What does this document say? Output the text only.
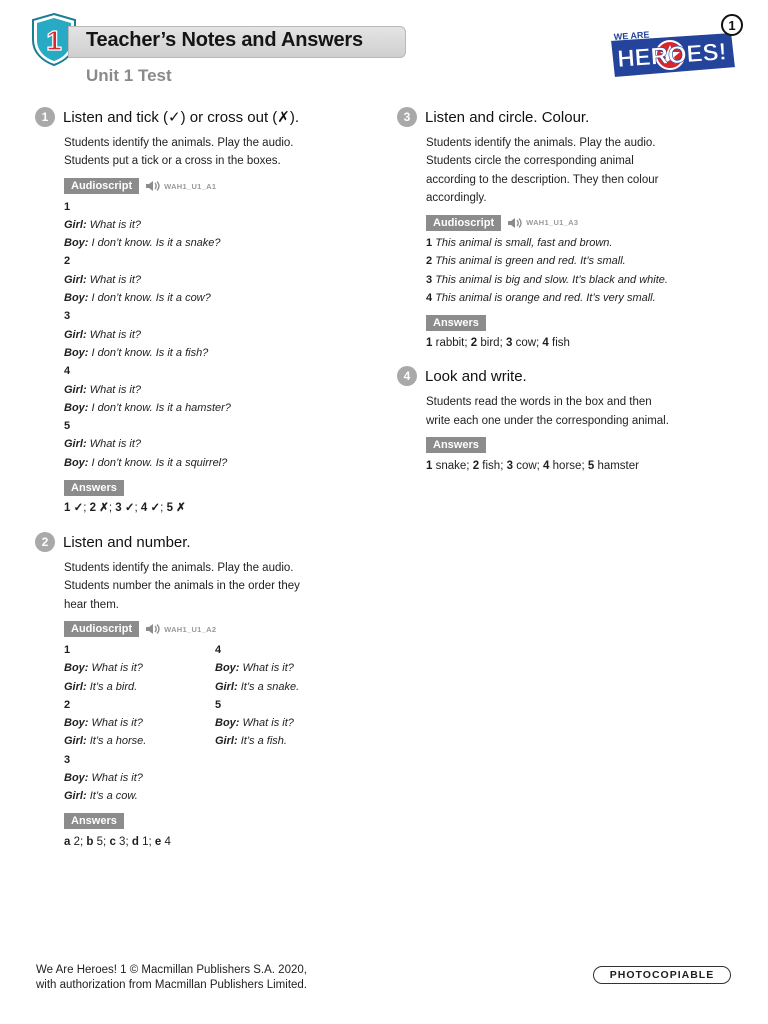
1 Teacher’s Notes and Answers
Unit 1 Test
WE ARE
HEROES!
1
1 Listen and tick (✓) or cross out (✗).
Students identify the animals. Play the audio.
Students put a tick or a cross in the boxes.
Audioscript	WAH1_U1_A1
1
Girl: What is it?
Boy: I don’t know. Is it a snake?
2
Girl: What is it?
Boy: I don’t know. Is it a cow?
3
Girl: What is it?
Boy: I don’t know. Is it a fish?
4
Girl: What is it?
Boy: I don’t know. Is it a hamster?
5
Girl: What is it?
Boy: I don’t know. Is it a squirrel?
Answers
1 ✓; 2 ✗; 3 ✓; 4 ✓; 5 ✗
2 Listen and number.
Students identify the animals. Play the audio.
Students number the animals in the order they
hear them.
Audioscript	WAH1_U1_A2
1
Boy: What is it?
Girl: It’s a bird.
2
Boy: What is it?
Girl: It’s a horse.
3
Boy: What is it?
Girl: It’s a cow.
4
Boy: What is it?
Girl: It’s a snake.
5
Boy: What is it?
Girl: It’s a fish.
Answers
a 2; b 5; c 3; d 1; e 4
3 Listen and circle. Colour.
Students identify the animals. Play the audio.
Students circle the corresponding animal
according to the description. They then colour
accordingly.
Audioscript	WAH1_U1_A3
1 This animal is small, fast and brown.
2 This animal is green and red. It’s small.
3 This animal is big and slow. It’s black and white.
4 This animal is orange and red. It’s very small.
Answers
1 rabbit; 2 bird; 3 cow; 4 fish
4 Look and write.
Students read the words in the box and then
write each one under the corresponding animal.
Answers
1 snake; 2 fish; 3 cow; 4 horse; 5 hamster
We Are Heroes! 1 © Macmillan Publishers S.A. 2020,
with authorization from Macmillan Publishers Limited.
PHOTOCOPIABLE
